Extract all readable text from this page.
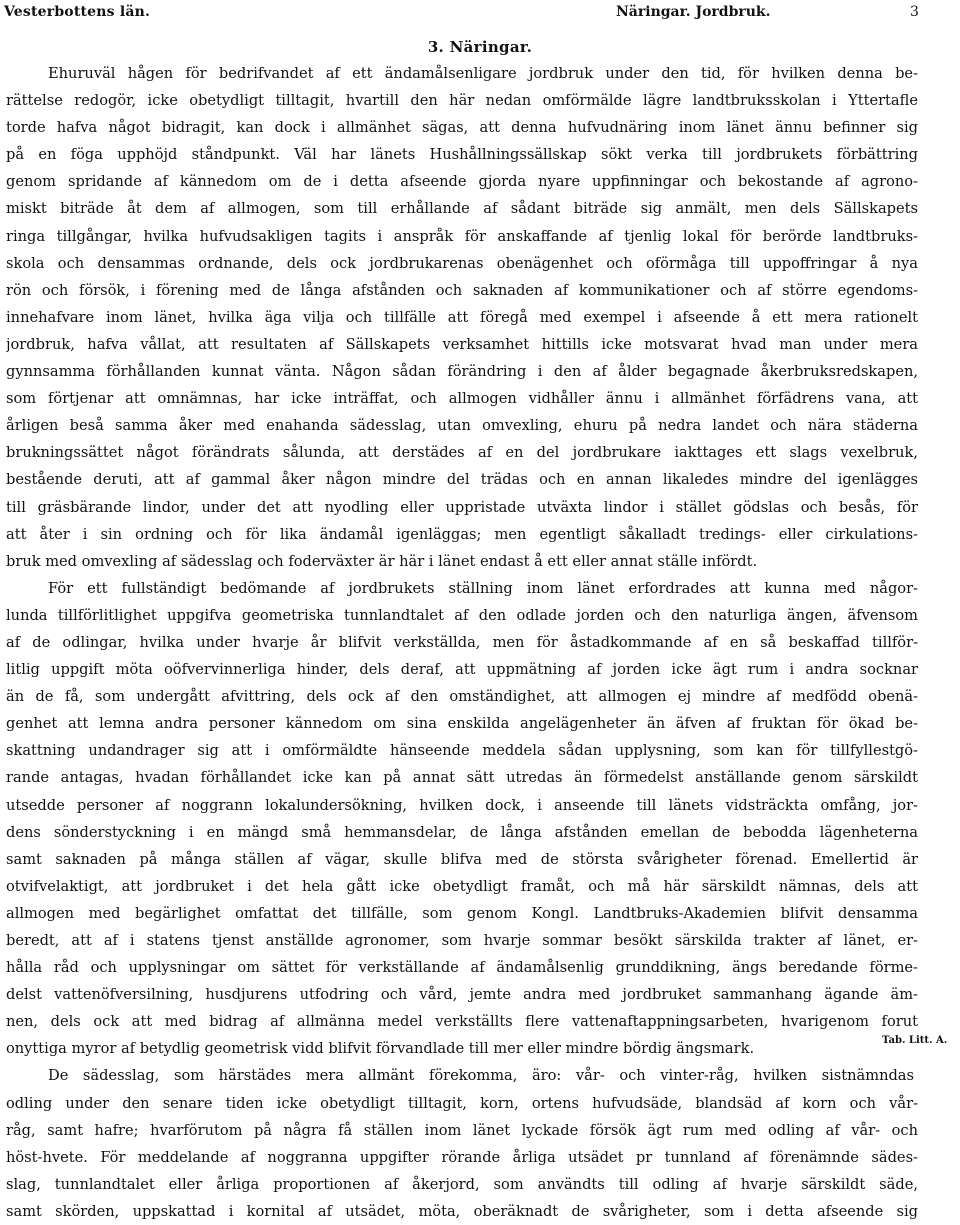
Vesterbottens län.	Näringar. Jordbruk.	3
3. Näringar.
Ehuruväl hågen för bedrifvandet af ett ändamålsenligare jordbruk under den tid, för hvilken denna be-
rättelse redogör, icke obetydligt tilltagit, hvartill den här nedan omförmälde lägre landtbruksskolan i Yttertafle
torde hafva något bidragit, kan dock i allmänhet sägas, att denna hufvudnäring inom länet ännu befinner sig
på en föga upphöjd ståndpunkt. Väl har länets Hushållningssällskap sökt verka till jordbrukets förbättring
genom spridande af kännedom om de i detta afseende gjorda nyare uppfinningar och bekostande af agrono-
miskt biträde åt dem af allmogen, som till erhållande af sådant biträde sig anmält, men dels Sällskapets
ringa tillgångar, hvilka hufvudsakligen tagits i anspråk för anskaffande af tjenlig lokal för berörde landtbruks-
skola och densammas ordnande, dels ock jordbrukarenas obenägenhet och oförmåga till uppoffringar å nya
rön och försök, i förening med de långa afstånden och saknaden af kommunikationer och af större egendoms-
innehafvare inom länet, hvilka äga vilja och tillfälle att föregå med exempel i afseende å ett mera rationelt
jordbruk, hafva vållat, att resultaten af Sällskapets verksamhet hittills icke motsvarat hvad man under mera
gynnsamma förhållanden kunnat vänta. Någon sådan förändring i den af ålder begagnade åkerbruksredskapen,
som förtjenar att omnämnas, har icke inträffat, och allmogen vidhåller ännu i allmänhet förfädrens vana, att
årligen beså samma åker med enahanda sädesslag, utan omvexling, ehuru på nedra landet och nära städerna
brukningssättet något förändrats sålunda, att derstädes af en del jordbrukare iakttages ett slags vexelbruk,
bestående deruti, att af gammal åker någon mindre del trädas och en annan likaledes mindre del igenlägges
till gräsbärande lindor, under det att nyodling eller uppristade utväxta lindor i stället gödslas och besås, för
att åter i sin ordning och för lika ändamål igenläggas; men egentligt såkalladt tredings- eller cirkulations-
bruk med omvexling af sädesslag och foderväxter är här i länet endast å ett eller annat ställe infördt.
För ett fullständigt bedömande af jordbrukets ställning inom länet erfordrades att kunna med någor-
lunda tillförlitlighet uppgifva geometriska tunnlandtalet af den odlade jorden och den naturliga ängen, äfvensom
af de odlingar, hvilka under hvarje år blifvit verkställda, men för åstadkommande af en så beskaffad tillför-
litlig uppgift möta oöfvervinnerliga hinder, dels deraf, att uppmätning af jorden icke ägt rum i andra socknar
än de få, som undergått afvittring, dels ock af den omständighet, att allmogen ej mindre af medfödd obenä-
genhet att lemna andra personer kännedom om sina enskilda angelägenheter än äfven af fruktan för ökad be-
skattning undandrager sig att i omförmäldte hänseende meddela sådan upplysning, som kan för tillfyllestgö-
rande antagas, hvadan förhållandet icke kan på annat sätt utredas än förmedelst anställande genom särskildt
utsedde personer af noggrann lokalundersökning, hvilken dock, i anseende till länets vidsträckta omfång, jor-
dens sönderstyckning i en mängd små hemmansdelar, de långa afstånden emellan de bebodda lägenheterna
samt saknaden på många ställen af vägar, skulle blifva med de största svårigheter förenad. Emellertid är
otvifvelaktigt, att jordbruket i det hela gått icke obetydligt framåt, och må här särskildt nämnas, dels att
allmogen med begärlighet omfattat det tillfälle, som genom Kongl. Landtbruks-Akademien blifvit densamma
beredt, att af i statens tjenst anställde agronomer, som hvarje sommar besökt särskilda trakter af länet, er-
hålla råd och upplysningar om sättet för verkställande af ändamålsenlig grunddikning, ängs beredande förme-
delst vattenöfversilning, husdjurens utfodring och vård, jemte andra med jordbruket sammanhang ägande äm-
nen, dels ock att med bidrag af allmänna medel verkställts flere vattenaftappningsarbeten, hvarigenom forut
onyttiga myror af betydlig geometrisk vidd blifvit förvandlade till mer eller mindre bördig ängsmark.
De sädesslag, som härstädes mera allmänt förekomma, äro: vår- och vinter-råg, hvilken sistnämndas
odling under den senare tiden icke obetydligt tilltagit, korn, ortens hufvudsäde, blandsäd af korn och vår-
råg, samt hafre; hvarförutom på några få ställen inom länet lyckade försök ägt rum med odling af vår- och
höst-hvete. För meddelande af noggranna uppgifter rörande årliga utsädet pr tunnland af förenämnde sädes-
slag, tunnlandtalet eller årliga proportionen af åkerjord, som användts till odling af hvarje särskildt säde,
samt skörden, uppskattad i kornital af utsädet, möta, oberäknadt de svårigheter, som i detta afseende sig
Tab. Litt. A.
